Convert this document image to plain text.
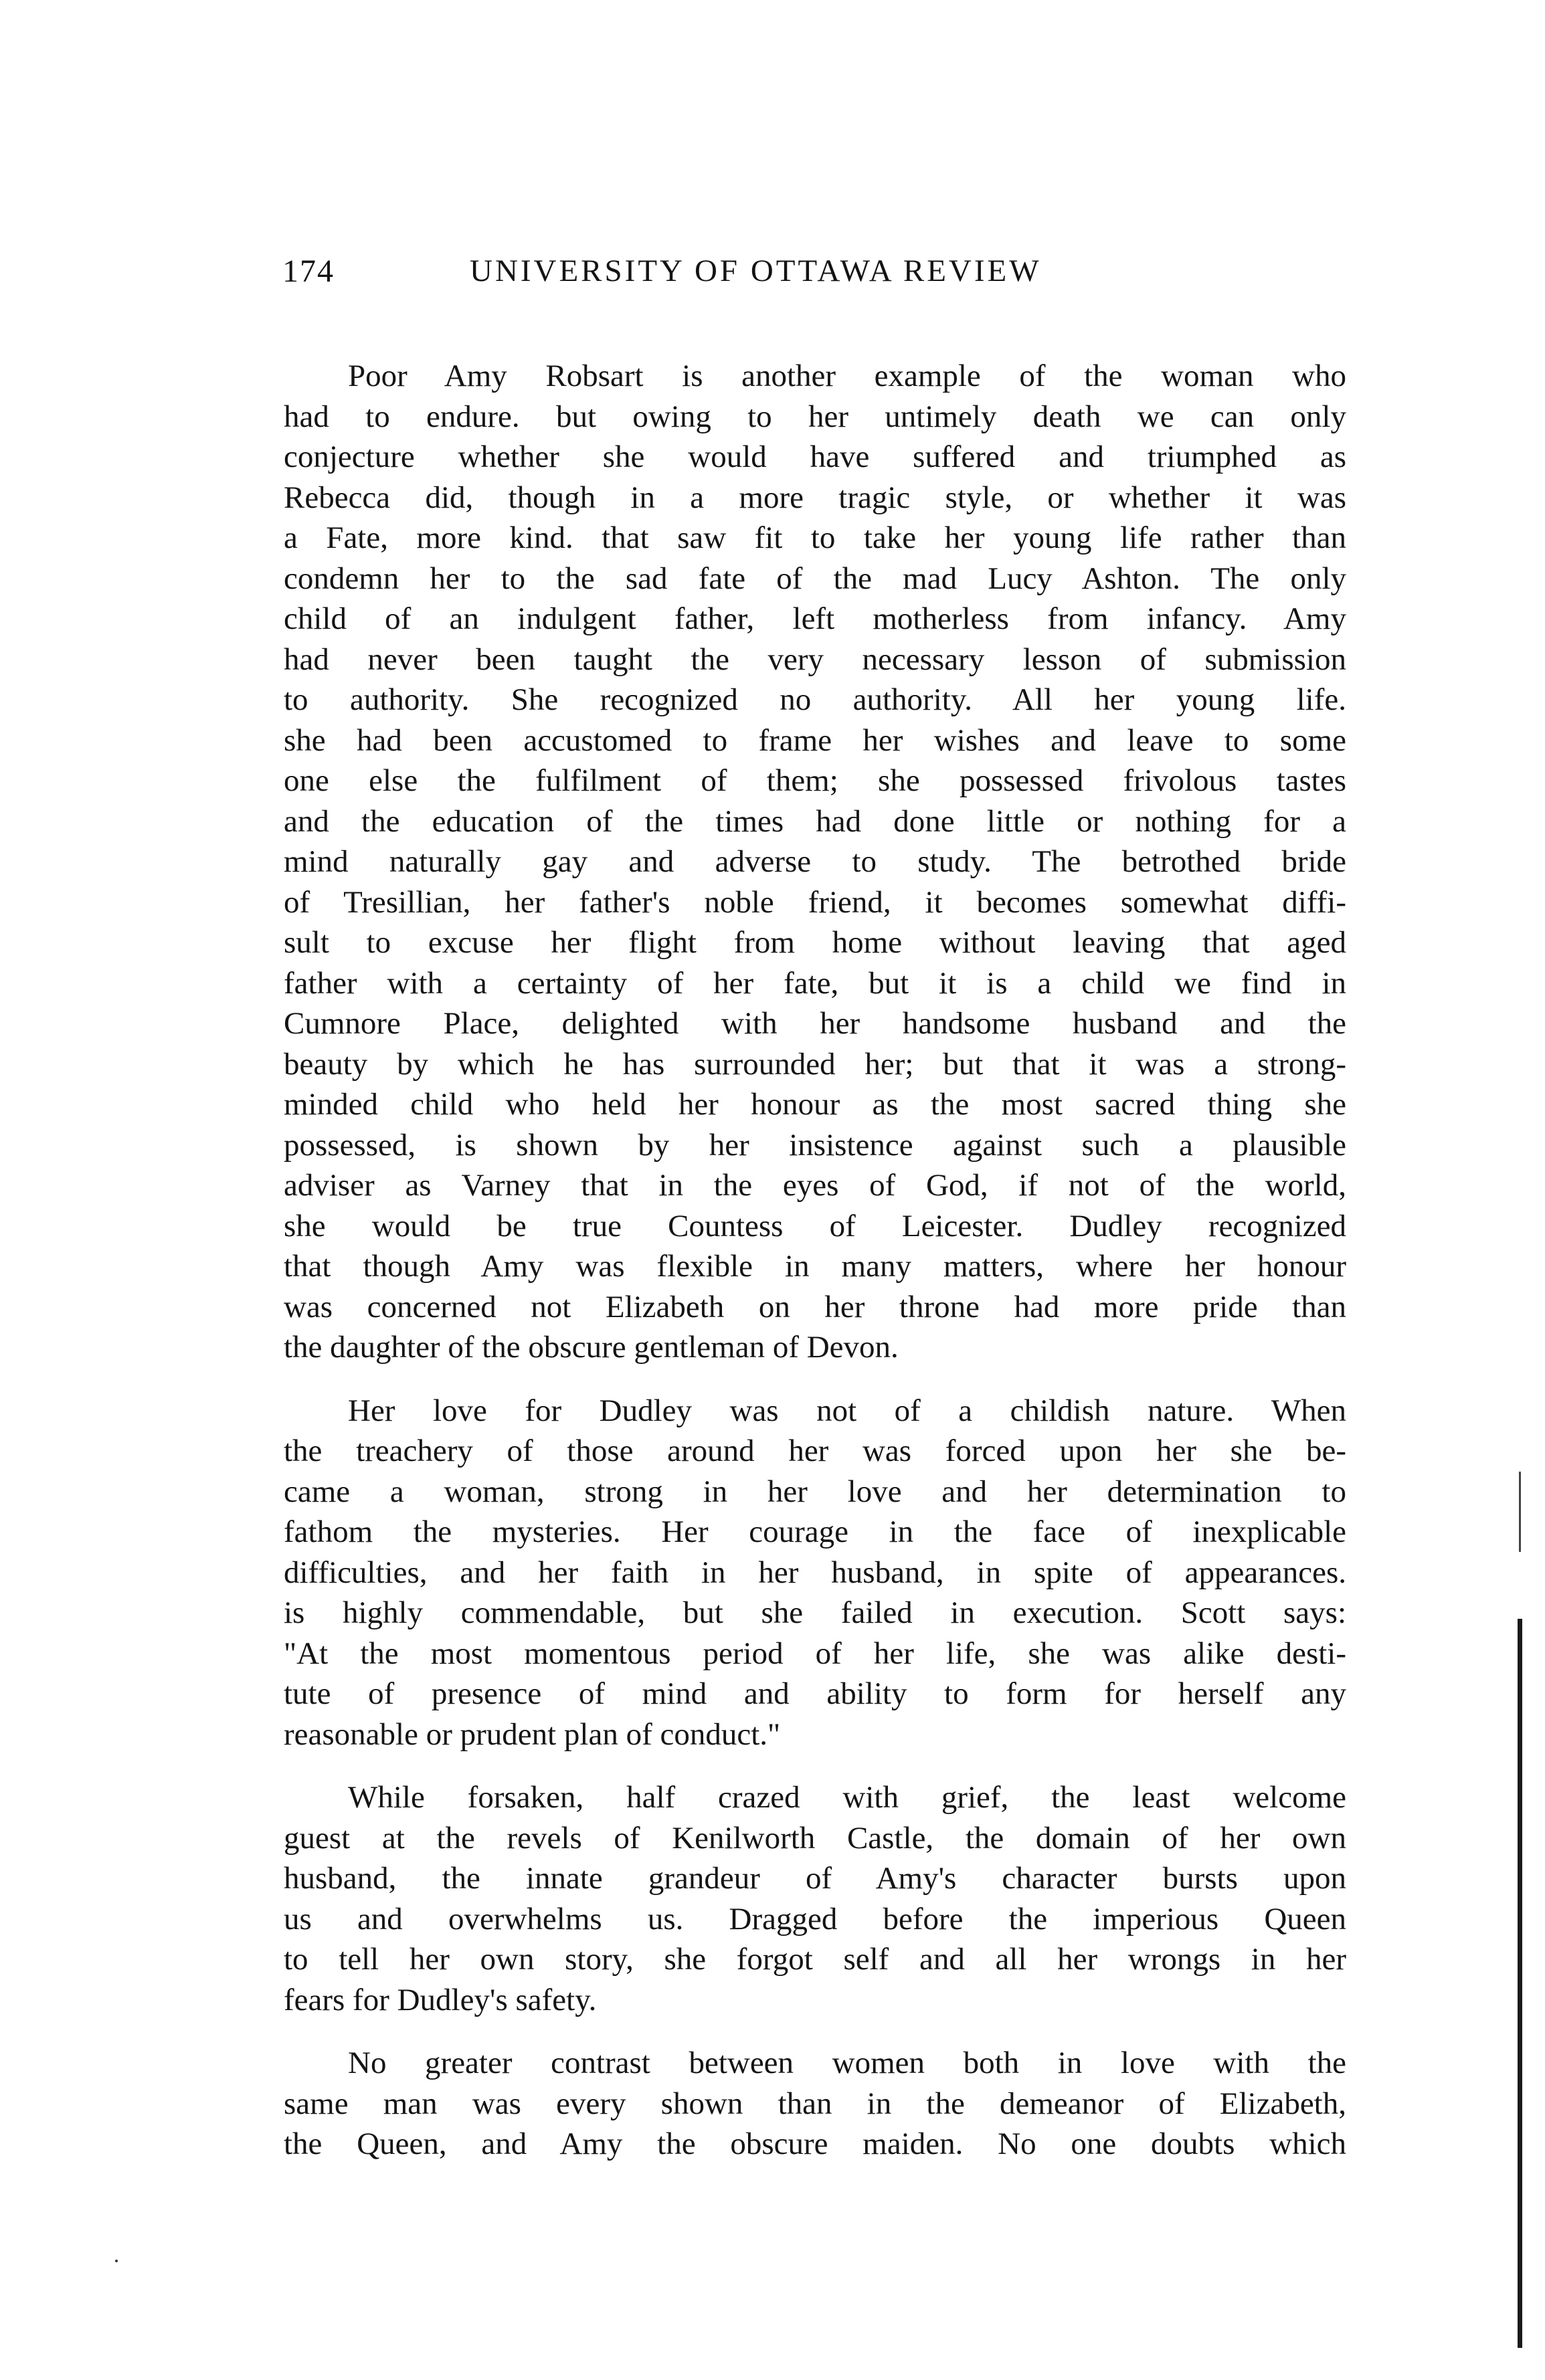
174	UNIVERSITY OF OTTAWA REVIEW
Poor Amy Robsart is another example of the woman who
had to endure. but owing to her untimely death we can only
conjecture whether she would have suffered and triumphed as
Rebecca did, though in a more tragic style, or whether it was
a Fate, more kind. that saw fit to take her young life rather than
condemn her to the sad fate of the mad Lucy Ashton. The only
child of an indulgent father, left motherless from infancy. Amy
had never been taught the very necessary lesson of submission
to authority. She recognized no authority. All her young life.
she had been accustomed to frame her wishes and leave to some
one else the fulfilment of them; she possessed frivolous tastes
and the education of the times had done little or nothing for a
mind naturally gay and adverse to study. The betrothed bride
of Tresillian, her father's noble friend, it becomes somewhat diffi-
sult to excuse her flight from home without leaving that aged
father with a certainty of her fate, but it is a child we find in
Cumnore Place, delighted with her handsome husband and the
beauty by which he has surrounded her; but that it was a strong-
minded child who held her honour as the most sacred thing she
possessed, is shown by her insistence against such a plausible
adviser as Varney that in the eyes of God, if not of the world,
she would be true Countess of Leicester. Dudley recognized
that though Amy was flexible in many matters, where her honour
was concerned not Elizabeth on her throne had more pride than
the daughter of the obscure gentleman of Devon.
Her love for Dudley was not of a childish nature. When
the treachery of those around her was forced upon her she be-
came a woman, strong in her love and her determination to
fathom the mysteries. Her courage in the face of inexplicable
difficulties, and her faith in her husband, in spite of appearances.
is highly commendable, but she failed in execution. Scott says:
"At the most momentous period of her life, she was alike desti-
tute of presence of mind and ability to form for herself any
reasonable or prudent plan of conduct."
While forsaken, half crazed with grief, the least welcome
guest at the revels of Kenilworth Castle, the domain of her own
husband, the innate grandeur of Amy's character bursts upon
us and overwhelms us. Dragged before the imperious Queen
to tell her own story, she forgot self and all her wrongs in her
fears for Dudley's safety.
No greater contrast between women both in love with the
same man was every shown than in the demeanor of Elizabeth,
the Queen, and Amy the obscure maiden. No one doubts which
